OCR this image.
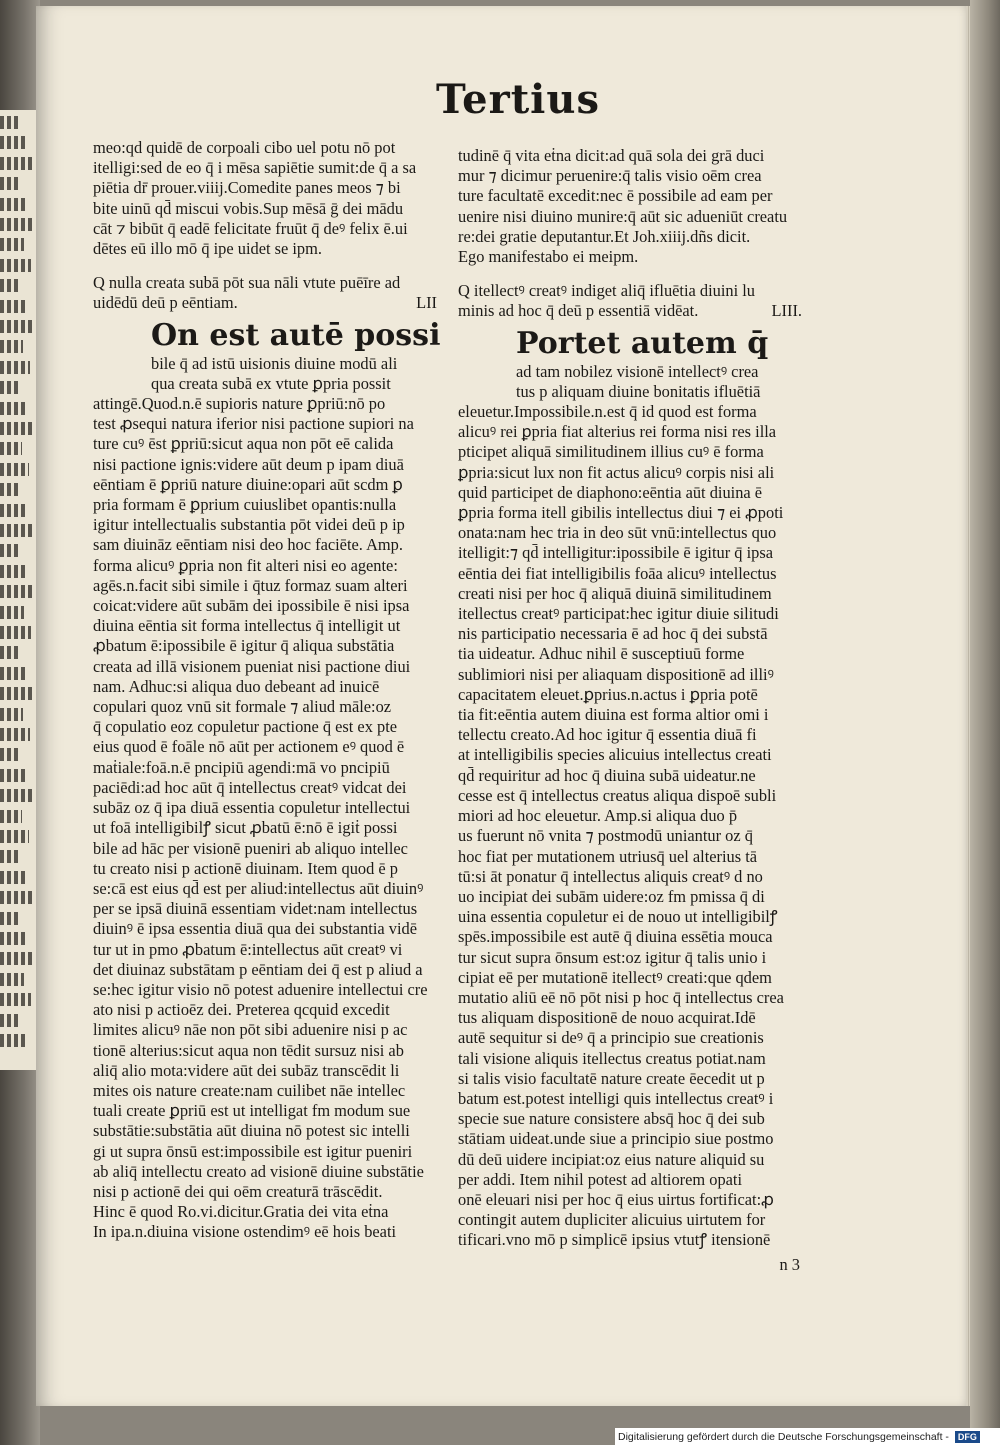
Tertius
meo:qd quidē de corpoali cibo uel potu nō pot
itelligi:sed de eo q̄ i mēsa sapiētie sumit:de q̄ a sa
piētia dr̄ prouer.viiij.Comedite panes meos ⁊ bi
bite uinū qd̄ miscui vobis.Sup mēsā ḡ dei mādu
cāt ⁊ bibūt q̄ eadē felicitate fruūt q̄ deꝰ felix ē.ui
dētes eū illo mō q̄ ipe uidet se ipm.
Q nulla creata subā pōt sua nāli vtute puēīre ad
uidēdū deū p eēntiam.	LII
On est autē possi
bile q̄ ad istū uisionis diuine modū ali
qua creata subā ex vtute ꝑpria possit
attingē.Quod.n.ē supioris nature ꝑpriū:nō po
test ꝓsequi natura iferior nisi pactione supiori na
ture cuꝰ ēst ꝑpriū:sicut aqua non pōt eē calida
nisi pactione ignis:videre aūt deum p ipam diuā
eēntiam ē ꝑpriū nature diuine:opari aūt scdm ꝑ
pria formam ē ꝑprium cuiuslibet opantis:nulla
igitur intellectualis substantia pōt videi deū p ip
sam diuināz eēntiam nisi deo hoc faciēte. Amp.
forma alicuꝰ ꝑpria non fit alteri nisi eo agente:
agēs.n.facit sibi simile i q̄tuz formaz suam alteri
coicat:videre aūt subām dei ipossibile ē nisi ipsa
diuina eēntia sit forma intellectus q̄ intelligit ut
ꝓbatum ē:ipossibile ē igitur q̄ aliqua substātia
creata ad illā visionem pueniat nisi pactione diui
nam. Adhuc:si aliqua duo debeant ad inuicē
copulari quoz vnū sit formale ⁊ aliud māle:oz
q̄ copulatio eoz copuletur pactione q̄ est ex pte
eius quod ē foāle nō aūt per actionem eꝰ quod ē
maṫiale:foā.n.ē pncipiū agendi:mā vo pncipiū
paciēdi:ad hoc aūt q̄ intellectus creatꝰ vidcat dei
subāz oz q̄ ipa diuā essentia copuletur intellectui
ut foā intelligibilꝭ sicut ꝓbatū ē:nō ē igiṫ possi
bile ad hāc per visionē pueniri ab aliquo intellec
tu creato nisi p actionē diuinam. Item quod ē p
se:cā est eius qd̄ est per aliud:intellectus aūt diuinꝰ
per se ipsā diuinā essentiam videt:nam intellectus
diuinꝰ ē ipsa essentia diuā qua dei substantia vidē
tur ut in pmo ꝓbatum ē:intellectus aūt creatꝰ vi
det diuinaz substātam p eēntiam dei q̄ est p aliud a
se:hec igitur visio nō potest aduenire intellectui cre
ato nisi p actioēz dei. Preterea qcquid excedit
limites alicuꝰ nāe non pōt sibi aduenire nisi p ac
tionē alterius:sicut aqua non tēdit sursuz nisi ab
aliq̄ alio mota:videre aūt dei subāz transcēdit li
mites ois nature create:nam cuilibet nāe intellec
tuali create ꝑpriū est ut intelligat fm modum sue
substātie:substātia aūt diuina nō potest sic intelli
gi ut supra ōnsū est:impossibile est igitur pueniri
ab aliq̄ intellectu creato ad visionē diuine substātie
nisi p actionē dei qui oēm creaturā trāscēdit.
Hinc ē quod Ro.vi.dicitur.Gratia dei vita eṫna
In ipa.n.diuina visione ostendimꝰ eē hois beati
tudinē q̄ vita eṫna dicit:ad quā sola dei grā duci
mur ⁊ dicimur peruenire:q̄ talis visio oēm crea
ture facultatē excedit:nec ē possibile ad eam per
uenire nisi diuino munire:q̄ aūt sic adueniūt creatu
re:dei gratie deputantur.Et Joh.xiiij.dñs dicit.
Ego manifestabo ei meipm.
Q itellectꝰ creatꝰ indiget aliq̄ ifluētia diuini lu
minis ad hoc q̄ deū p essentiā vidēat.	LIII.
Portet autem q̄
ad tam nobilez visionē intellectꝰ crea
tus p aliquam diuine bonitatis ifluētiā
eleuetur.Impossibile.n.est q̄ id quod est forma
alicuꝰ rei ꝑpria fiat alterius rei forma nisi res illa
pticipet aliquā similitudinem illius cuꝰ ē forma
ꝑpria:sicut lux non fit actus alicuꝰ corpis nisi ali
quid participet de diaphono:eēntia aūt diuina ē
ꝑpria forma itell gibilis intellectus diui ⁊ ei ꝓpoti
onata:nam hec tria in deo sūt vnū:intellectus quo
itelligit:⁊ qd̄ intelligitur:ipossibile ē igitur q̄ ipsa
eēntia dei fiat intelligibilis foāa alicuꝰ intellectus
creati nisi per hoc q̄ aliquā diuinā similitudinem
itellectus creatꝰ participat:hec igitur diuie silitudi
nis participatio necessaria ē ad hoc q̄ dei substā
tia uideatur. Adhuc nihil ē susceptiuū forme
sublimiori nisi per aliaquam dispositionē ad illiꝰ
capacitatem eleuet.ꝑprius.n.actus i ꝑpria potē
tia fit:eēntia autem diuina est forma altior omi i
tellectu creato.Ad hoc igitur q̄ essentia diuā fi
at intelligibilis species alicuius intellectus creati
qd̄ requiritur ad hoc q̄ diuina subā uideatur.ne
cesse est q̄ intellectus creatus aliqua dispoē subli
miori ad hoc eleuetur. Amp.si aliqua duo p̄
us fuerunt nō vnita ⁊ postmodū uniantur oz q̄
hoc fiat per mutationem utriusq̄ uel alterius tā
tū:si āt ponatur q̄ intellectus aliquis creatꝰ d no
uo incipiat dei subām uidere:oz fm pmissa q̄ di
uina essentia copuletur ei de nouo ut intelligibilꝭ
spēs.impossibile est autē q̄ diuina essētia mouca
tur sicut supra ōnsum est:oz igitur q̄ talis unio i
cipiat eē per mutationē itellectꝰ creati:que qdem
mutatio aliū eē nō pōt nisi p hoc q̄ intellectus crea
tus aliquam dispositionē de nouo acquirat.Idē
autē sequitur si deꝰ q̄ a principio sue creationis
tali visione aliquis itellectus creatus potiat.nam
si talis visio facultatē nature create ēecedit ut p
batum est.potest intelligi quis intellectus creatꝰ i
specie sue nature consistere absq̄ hoc q̄ dei sub
stātiam uideat.unde siue a principio siue postmo
dū deū uidere incipiat:oz eius nature aliquid su
per addi. Item nihil potest ad altiorem opati
onē eleuari nisi per hoc q̄ eius uirtus fortificat:ꝓ
contingit autem dupliciter alicuius uirtutem for
tificari.vno mō p simplicē ipsius vtutꝭ itensionē
n 3
Digitalisierung gefördert durch die Deutsche Forschungsgemeinschaft -	DFG
